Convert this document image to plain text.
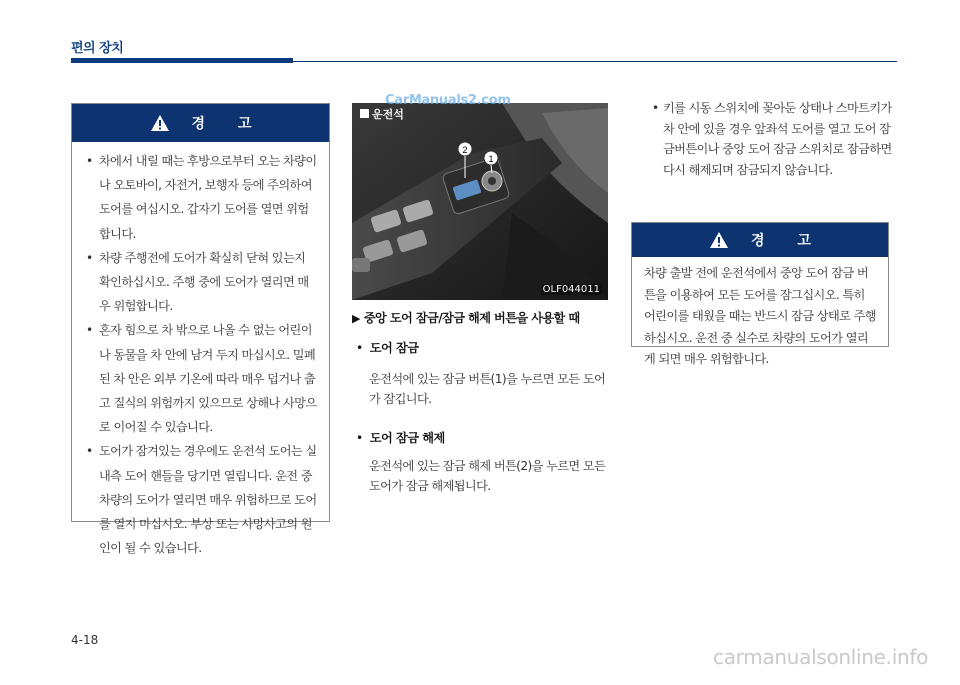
편의 장치
경 고
• 차에서 내릴 때는 후방으로부터 오는 차량이나 오토바이, 자전거, 보행자 등에 주의하여 도어를 여십시오. 갑자기 도어를 열면 위험합니다.
• 차량 주행전에 도어가 확실히 닫혀 있는지 확인하십시오. 주행 중에 도어가 열리면 매우 위험합니다.
• 혼자 힘으로 차 밖으로 나올 수 없는 어린이나 동물을 차 안에 남겨 두지 마십시오. 밀폐된 차 안은 외부 기온에 따라 매우 덥거나 춥고 질식의 위험까지 있으므로 상해나 사망으로 이어질 수 있습니다.
• 도어가 잠겨있는 경우에도 운전석 도어는 실내측 도어 핸들을 당기면 열립니다. 운전 중 차량의 도어가 열리면 매우 위험하므로 도어를 열지 마십시오. 부상 또는 사망사고의 원인이 될 수 있습니다.
2
1
운전석
OLF044011
CarManuals2.com
▶ 중앙 도어 잠금/잠금 해제 버튼을 사용할 때
• 도어 잠금
운전석에 있는 잠금 버튼(1)을 누르면 모든 도어가 잠깁니다.
• 도어 잠금 해제
운전석에 있는 잠금 해제 버튼(2)을 누르면 모든 도어가 잠금 해제됩니다.
• 키를 시동 스위치에 꽂아둔 상태나 스마트키가 차 안에 있을 경우 앞좌석 도어를 열고 도어 잠금버튼이나 중앙 도어 잠금 스위치로 잠금하면 다시 해제되며 잠금되지 않습니다.
경 고

차량 출발 전에 운전석에서 중앙 도어 잠금 버튼을 이용하여 모든 도어를 잠그십시오. 특히 어린이를 태웠을 때는 반드시 잠금 상태로 주행하십시오. 운전 중 실수로 차량의 도어가 열리게 되면 매우 위험합니다.

4-18
carmanualsonline.info
